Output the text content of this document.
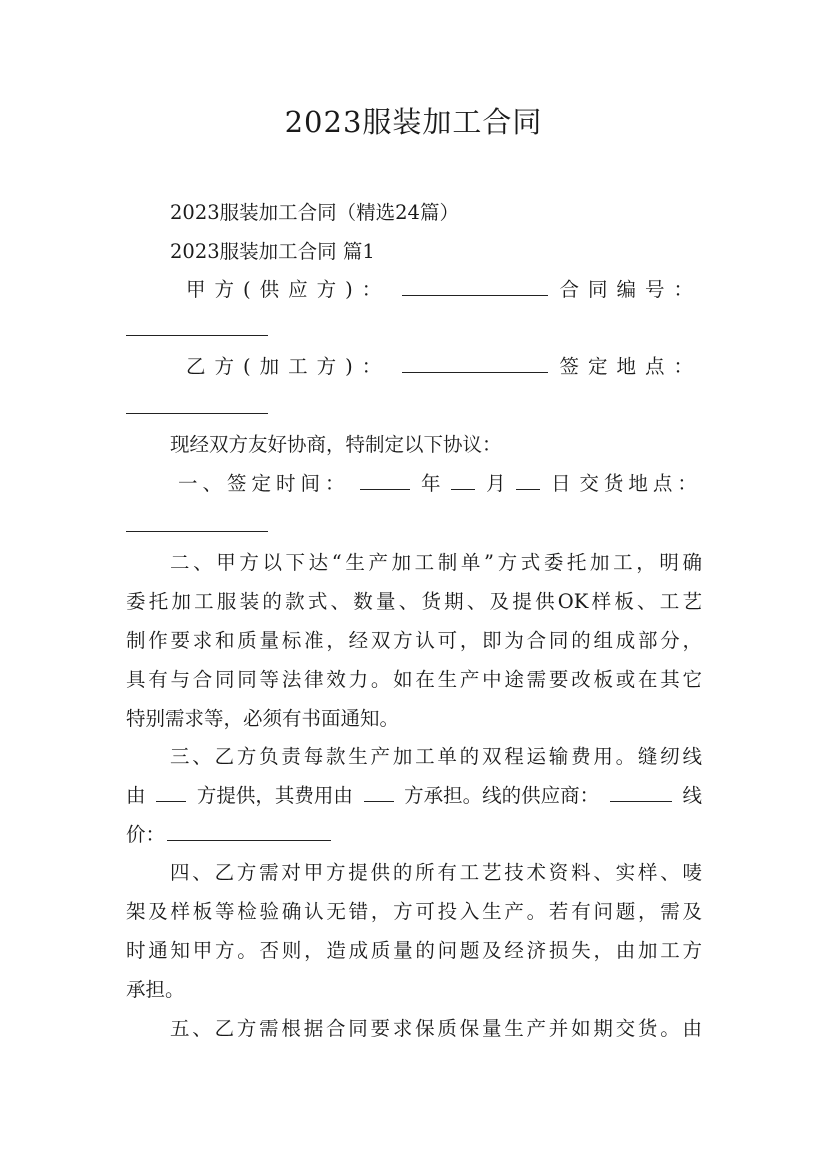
2023服装加工合同
2023服装加工合同（精选24篇）
2023服装加工合同 篇1
甲方(供应方)：	合同编号：
乙方(加工方)：	签定地点：
现经双方友好协商，特制定以下协议：
一、签定时间：	年 月 日 交货地点：
二、甲方以下达“生产加工制单”方式委托加工，明确
委托加工服装的款式、数量、货期、及提供OK样板、工艺
制作要求和质量标准，经双方认可，即为合同的组成部分，
具有与合同同等法律效力。如在生产中途需要改板或在其它
特别需求等，必须有书面通知。
三、乙方负责每款生产加工单的双程运输费用。缝纫线
由	方提供，其费用由	方承担。线的供应商：	线
价：
四、乙方需对甲方提供的所有工艺技术资料、实样、唛
架及样板等检验确认无错，方可投入生产。若有问题，需及
时通知甲方。否则，造成质量的问题及经济损失，由加工方
承担。
五、乙方需根据合同要求保质保量生产并如期交货。由
